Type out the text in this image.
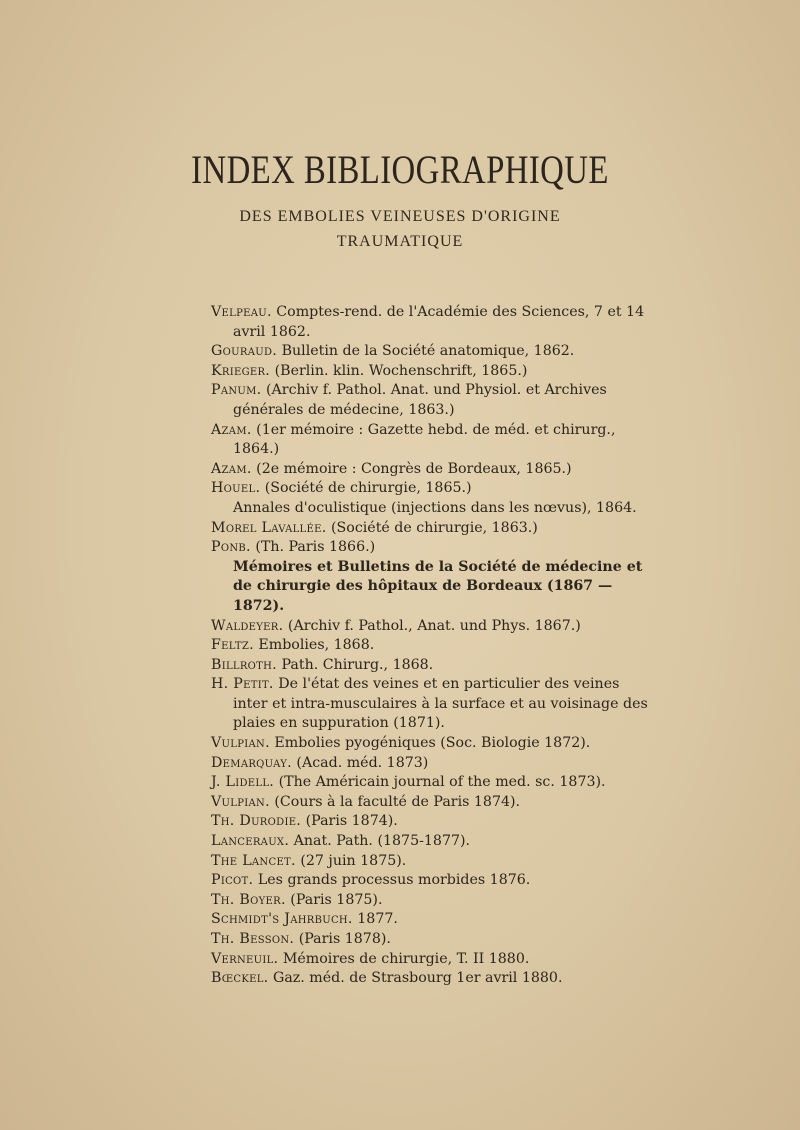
INDEX BIBLIOGRAPHIQUE
DES EMBOLIES VEINEUSES D'ORIGINE
TRAUMATIQUE

Velpeau. Comptes-rend. de l'Académie des Sciences, 7 et 14 avril 1862.

Gouraud. Bulletin de la Société anatomique, 1862.

Krieger. (Berlin. klin. Wochenschrift, 1865.)

Panum. (Archiv f. Pathol. Anat. und Physiol. et Archives générales de médecine, 1863.)

Azam. (1er mémoire : Gazette hebd. de méd. et chirurg., 1864.)

Azam. (2e mémoire : Congrès de Bordeaux, 1865.)

Houel. (Société de chirurgie, 1865.)

Annales d'oculistique (injections dans les nœvus), 1864.

Morel Lavallée. (Société de chirurgie, 1863.)

Ponb. (Th. Paris 1866.)

Mémoires et Bulletins de la Société de médecine et de chirurgie des hôpitaux de Bordeaux (1867 — 1872).

Waldeyer. (Archiv f. Pathol., Anat. und Phys. 1867.)

Feltz. Embolies, 1868.

Billroth. Path. Chirurg., 1868.

H. Petit. De l'état des veines et en particulier des veines inter et intra-musculaires à la surface et au voisinage des plaies en suppuration (1871).

Vulpian. Embolies pyogéniques (Soc. Biologie 1872).

Demarquay. (Acad. méd. 1873)

J. Lidell. (The Américain journal of the med. sc. 1873).

Vulpian. (Cours à la faculté de Paris 1874).

Th. Durodie. (Paris 1874).

Lanceraux. Anat. Path. (1875-1877).

The Lancet. (27 juin 1875).

Picot. Les grands processus morbides 1876.

Th. Boyer. (Paris 1875).

Schmidt's Jahrbuch. 1877.

Th. Besson. (Paris 1878).

Verneuil. Mémoires de chirurgie, T. II 1880.

Bœckel. Gaz. méd. de Strasbourg 1er avril 1880.
